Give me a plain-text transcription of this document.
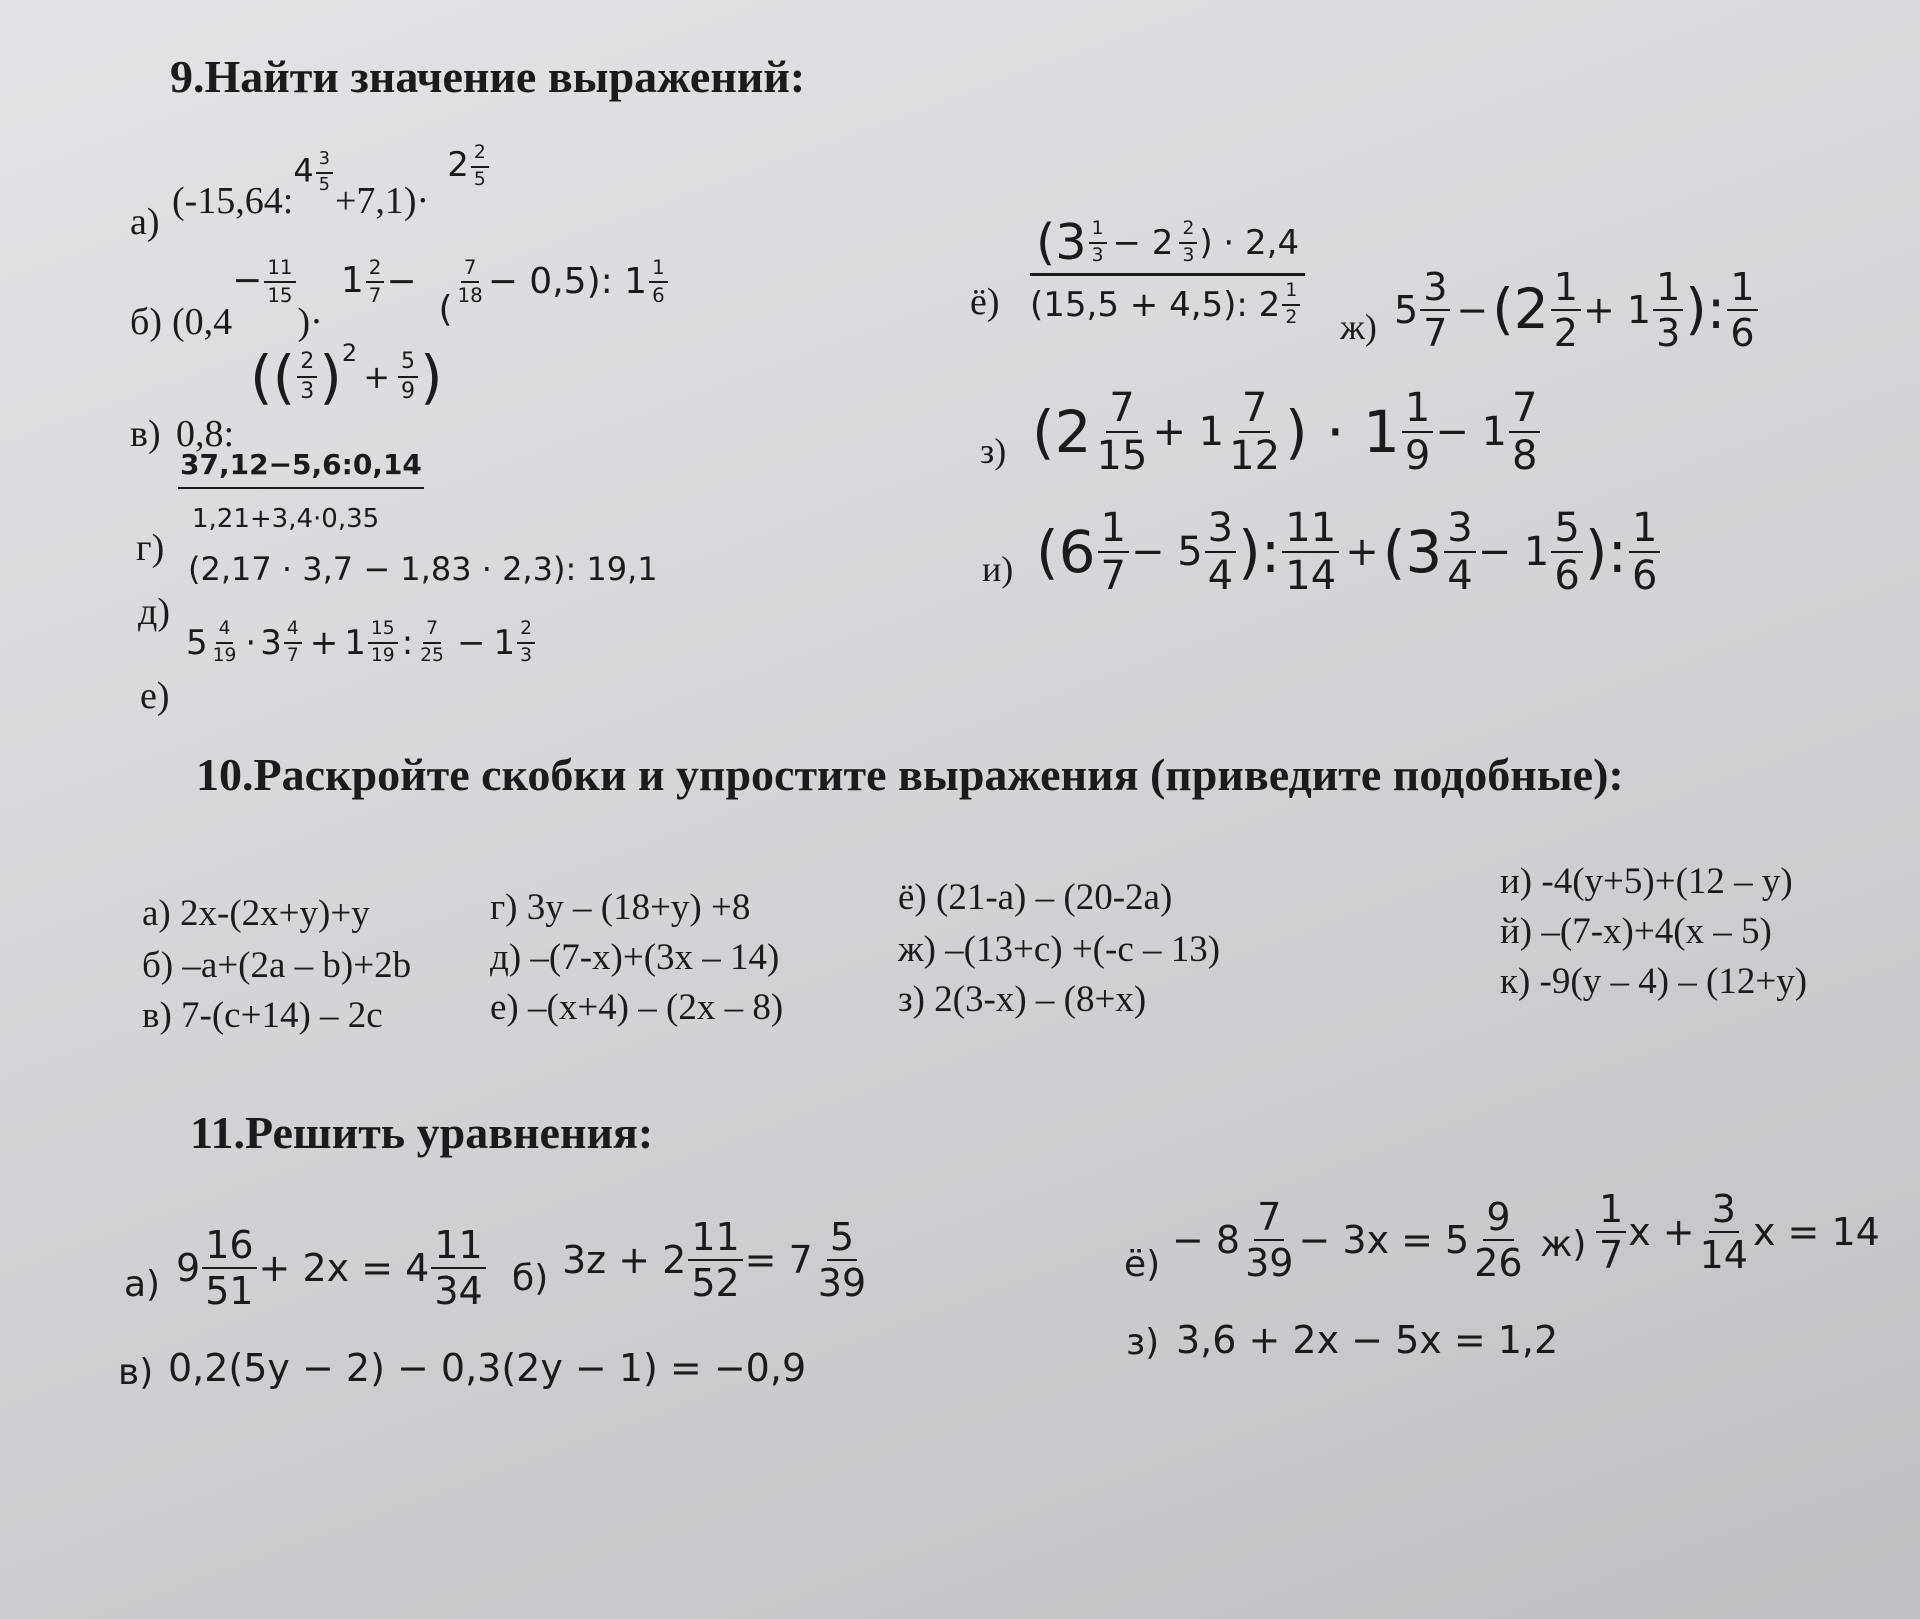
9.Найти значение выражений:
а)
(-15,64:
$4 \frac{3}{5}$
+7,1)·
$2 \frac{2}{5}$
б) (0,4
− $\frac{11}{15}$
)·
$1 \frac{2}{7}$ −
(
$\frac{7}{18} - 0,5$): $1 \frac{1}{6}$
в) 0,8:
(( $\frac{2}{3}$ ) 2
+ $\frac{5}{9}$ )
37,12−5,6:0,14
1,21+3,4·0,35
г) (2,17 · 3,7 − 1,83 · 2,3): 19,1
д)
$5 \frac{4}{19} \cdot 3 \frac{4}{7} + 1 \frac{15}{19}$ : $\frac{7}{25} - 1 \frac{2}{3}$
е)
$ё) \frac{(3 \frac{1}{3} - 2 \frac{2}{3} ) \cdot 2,4}{(15,5 + 4,5): 2 \frac{1}{2}} ж$) $5 \frac{3}{7} - (2 \frac{1}{2} + 1 \frac{1}{3}$ ): $\frac{1}{6}$
з) ($2 \frac{7}{15} + 1 \frac{7}{12}$ ) · $1 \frac{1}{9} - 1 \frac{7}{8}$
и) ($6 \frac{1}{7} - 5 \frac{3}{4}$ ): $\frac{11}{14} + (3 \frac{3}{4} - 1 \frac{5}{6}$ ): $\frac{1}{6}$
10.Раскройте скобки и упростите выражения (приведите подобные):
а) 2х-(2х+у)+у
б) –а+(2а – b)+2b
в) 7-(с+14) – 2с
г) 3у – (18+у) +8
д) –(7-х)+(3х – 14)
е) –(х+4) – (2х – 8)
ё) (21-а) – (20-2а)
ж) –(13+с) +(-с – 13)
з) 2(3-х) – (8+х)
и) -4(у+5)+(12 – у)
й) –(7-х)+4(х – 5)
к) -9(у – 4) – (12+у)
11.Решить уравнения:
а) $9 \frac{16}{51} + 2x = 4 \frac{11}{34} б$) $3z + 2 \frac{11}{52} = 7 \frac{5}{39}$
в) 0,2(5y − 2) − 0,3(2y − 1) = −0,9
ё)
− $8 \frac{7}{39} - 3x = 5 \frac{9}{26} ж) \frac{1}{7}$ $x + \frac{3}{14}$ x = 14
з) 3,6 + 2x − 5x = 1,2
